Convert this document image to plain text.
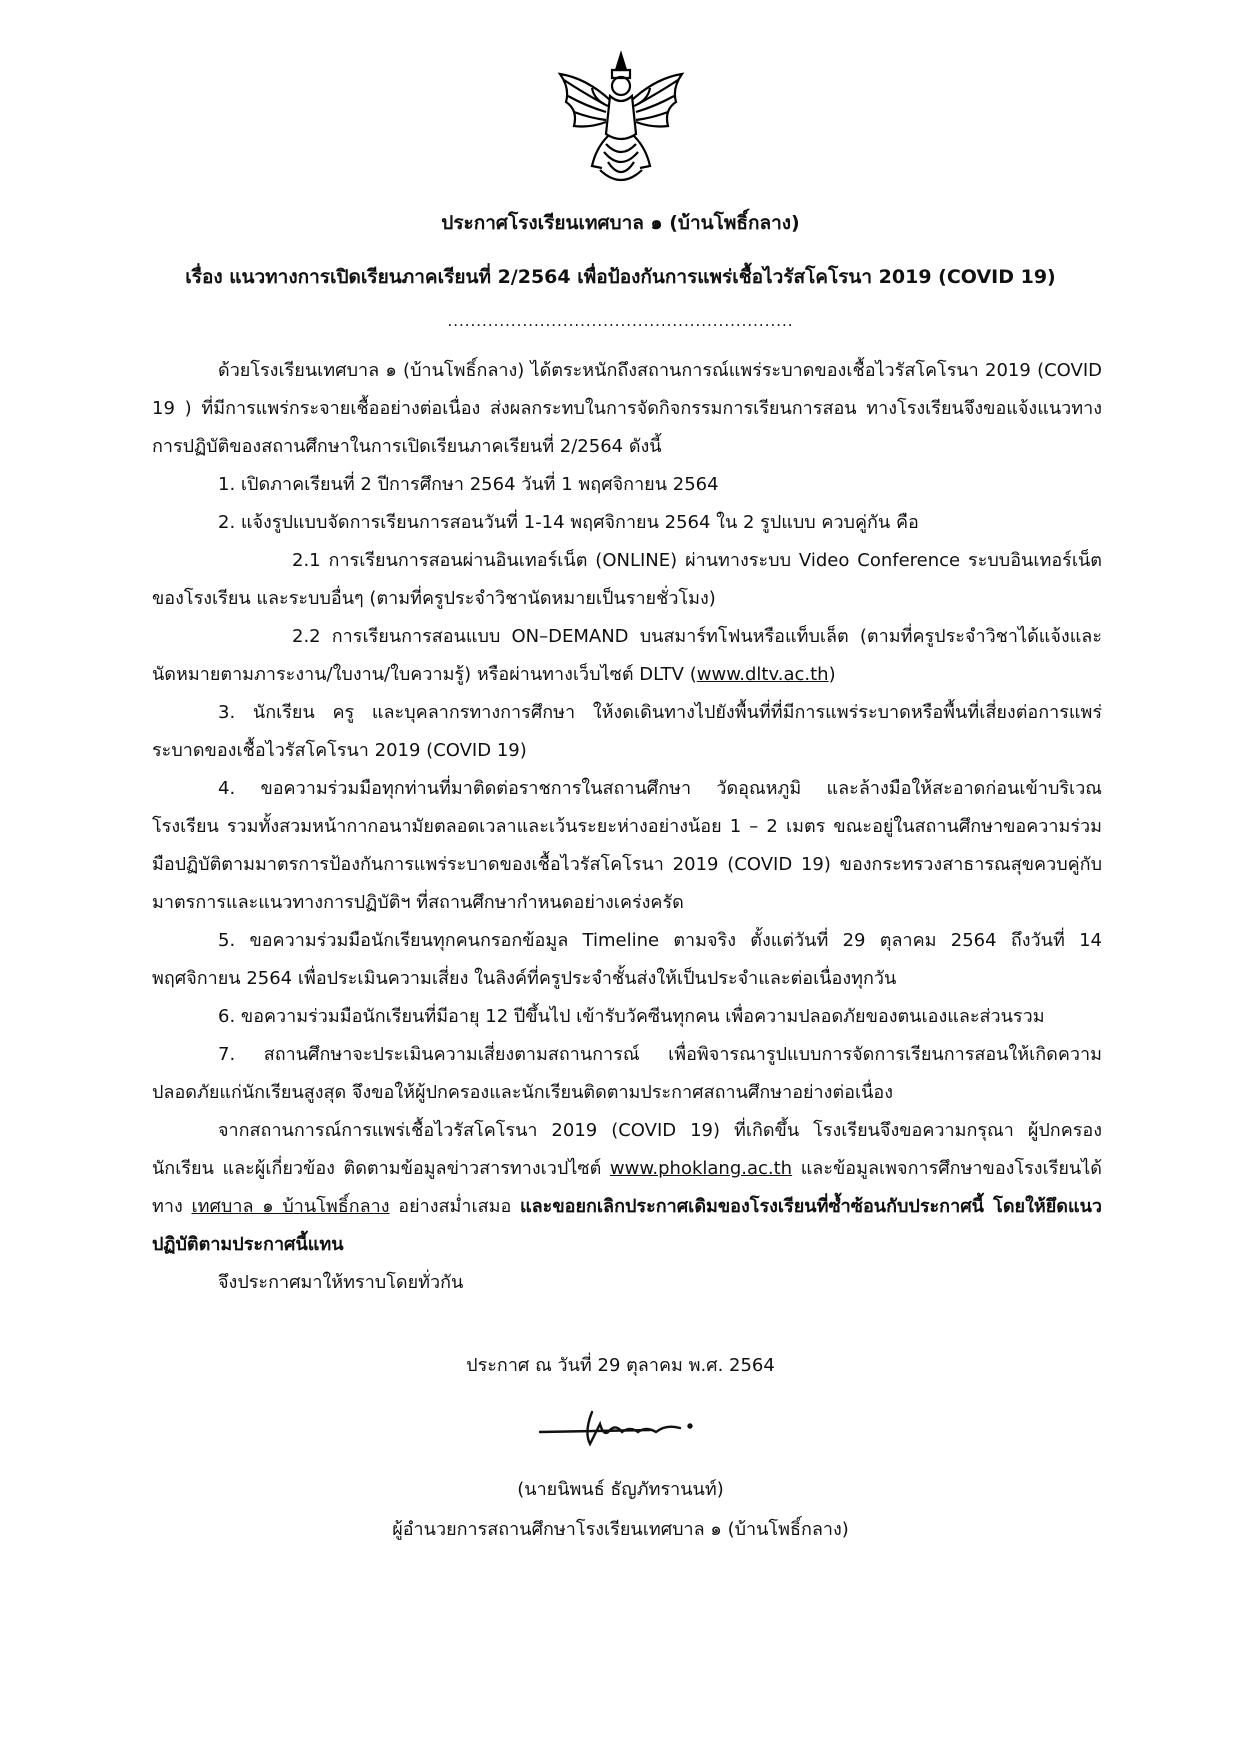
ประกาศโรงเรียนเทศบาล ๑ (บ้านโพธิ์กลาง)
เรื่อง แนวทางการเปิดเรียนภาคเรียนที่ 2/2564 เพื่อป้องกันการแพร่เชื้อไวรัสโคโรนา 2019 (COVID 19)
............................................................

ด้วยโรงเรียนเทศบาล ๑ (บ้านโพธิ์กลาง) ได้ตระหนักถึงสถานการณ์แพร่ระบาดของเชื้อไวรัสโคโรนา 2019 (COVID 19 ) ที่มีการแพร่กระจายเชื้ออย่างต่อเนื่อง ส่งผลกระทบในการจัดกิจกรรมการเรียนการสอน ทางโรงเรียนจึงขอแจ้งแนวทางการปฏิบัติของสถานศึกษาในการเปิดเรียนภาคเรียนที่ 2/2564 ดังนี้

1. เปิดภาคเรียนที่ 2 ปีการศึกษา 2564 วันที่ 1 พฤศจิกายน 2564

2. แจ้งรูปแบบจัดการเรียนการสอนวันที่ 1-14 พฤศจิกายน 2564 ใน 2 รูปแบบ ควบคู่กัน คือ

2.1 การเรียนการสอนผ่านอินเทอร์เน็ต (ONLINE) ผ่านทางระบบ Video Conference ระบบอินเทอร์เน็ตของโรงเรียน และระบบอื่นๆ (ตามที่ครูประจำวิชานัดหมายเป็นรายชั่วโมง)

2.2 การเรียนการสอนแบบ ON–DEMAND บนสมาร์ทโฟนหรือแท็บเล็ต (ตามที่ครูประจำวิชาได้แจ้งและนัดหมายตามภาระงาน/ใบงาน/ใบความรู้) หรือผ่านทางเว็บไซต์ DLTV (www.dltv.ac.th)

3. นักเรียน ครู และบุคลากรทางการศึกษา ให้งดเดินทางไปยังพื้นที่ที่มีการแพร่ระบาดหรือพื้นที่เสี่ยงต่อการแพร่ระบาดของเชื้อไวรัสโคโรนา 2019 (COVID 19)

4. ขอความร่วมมือทุกท่านที่มาติดต่อราชการในสถานศึกษา วัดอุณหภูมิ และล้างมือให้สะอาดก่อนเข้าบริเวณโรงเรียน รวมทั้งสวมหน้ากากอนามัยตลอดเวลาและเว้นระยะห่างอย่างน้อย 1 – 2 เมตร ขณะอยู่ในสถานศึกษาขอความร่วมมือปฏิบัติตามมาตรการป้องกันการแพร่ระบาดของเชื้อไวรัสโคโรนา 2019 (COVID 19) ของกระทรวงสาธารณสุขควบคู่กับมาตรการและแนวทางการปฏิบัติฯ ที่สถานศึกษากำหนดอย่างเคร่งครัด

5. ขอความร่วมมือนักเรียนทุกคนกรอกข้อมูล Timeline ตามจริง ตั้งแต่วันที่ 29 ตุลาคม 2564 ถึงวันที่ 14 พฤศจิกายน 2564 เพื่อประเมินความเสี่ยง ในลิงค์ที่ครูประจำชั้นส่งให้เป็นประจำและต่อเนื่องทุกวัน

6. ขอความร่วมมือนักเรียนที่มีอายุ 12 ปีขึ้นไป เข้ารับวัคซีนทุกคน เพื่อความปลอดภัยของตนเองและส่วนรวม

7. สถานศึกษาจะประเมินความเสี่ยงตามสถานการณ์ เพื่อพิจารณารูปแบบการจัดการเรียนการสอนให้เกิดความปลอดภัยแก่นักเรียนสูงสุด จึงขอให้ผู้ปกครองและนักเรียนติดตามประกาศสถานศึกษาอย่างต่อเนื่อง

จากสถานการณ์การแพร่เชื้อไวรัสโคโรนา 2019 (COVID 19) ที่เกิดขึ้น โรงเรียนจึงขอความกรุณา ผู้ปกครอง นักเรียน และผู้เกี่ยวข้อง ติดตามข้อมูลข่าวสารทางเวปไซต์ www.phoklang.ac.th และข้อมูลเพจการศึกษาของโรงเรียนได้ทาง เทศบาล ๑ บ้านโพธิ์กลาง อย่างสม่ำเสมอ และขอยกเลิกประกาศเดิมของโรงเรียนที่ซ้ำซ้อนกับประกาศนี้ โดยให้ยึดแนวปฏิบัติตามประกาศนี้แทน

จึงประกาศมาให้ทราบโดยทั่วกัน

ประกาศ ณ วันที่ 29 ตุลาคม พ.ศ. 2564
(นายนิพนธ์ ธัญภัทรานนท์)
ผู้อำนวยการสถานศึกษาโรงเรียนเทศบาล ๑ (บ้านโพธิ์กลาง)
